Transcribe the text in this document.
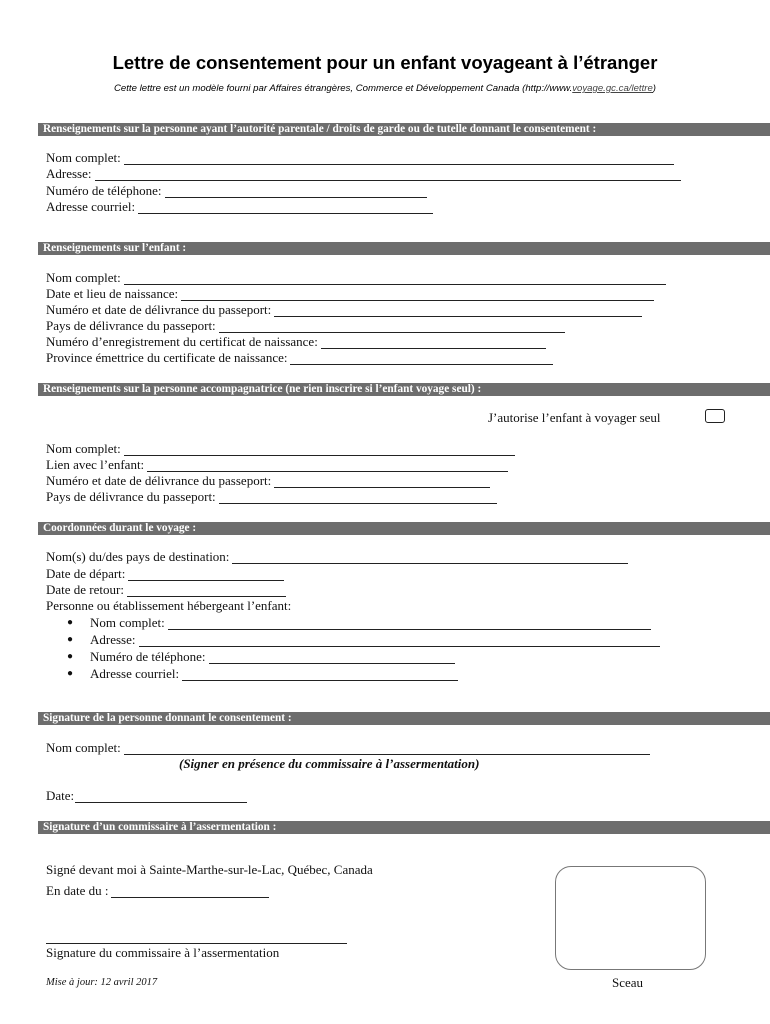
Lettre de consentement pour un enfant voyageant à l’étranger
Cette lettre est un modèle fourni par Affaires étrangères, Commerce et Développement Canada (http://www.voyage.gc.ca/lettre)
Renseignements sur la personne ayant l’autorité parentale / droits de garde ou de tutelle donnant le consentement :
Nom complet:
Adresse:
Numéro de téléphone:
Adresse courriel:
Renseignements sur l’enfant :
Nom complet:
Date et lieu de naissance:
Numéro et date de délivrance du passeport:
Pays de délivrance du passeport:
Numéro d’enregistrement du certificat de naissance:
Province émettrice du certificate de naissance:
Renseignements sur la personne accompagnatrice (ne rien inscrire si l’enfant voyage seul) :
J’autorise l’enfant à voyager seul
Nom complet:
Lien avec l’enfant:
Numéro et date de délivrance du passeport:
Pays de délivrance du passeport:
Coordonnées durant le voyage :
Nom(s) du/des pays de destination:
Date de départ:
Date de retour:
Personne ou établissement hébergeant l’enfant:
● Nom complet:
● Adresse:
● Numéro de téléphone:
● Adresse courriel:
Signature de la personne donnant le consentement :
Nom complet:
(Signer en présence du commissaire à l’assermentation)
Date:
Signature d’un commissaire à l’assermentation :
Signé devant moi à Sainte-Marthe-sur-le-Lac, Québec, Canada
En date du :
Signature du commissaire à l’assermentation
Mise à jour: 12 avril 2017	Sceau
